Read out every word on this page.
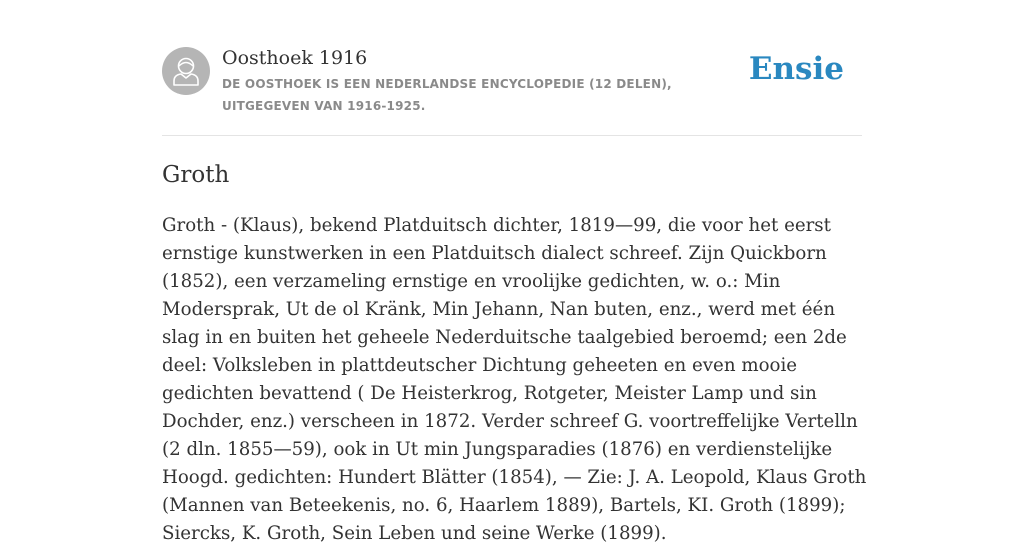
Oosthoek 1916
DE OOSTHOEK IS EEN NEDERLANDSE ENCYCLOPEDIE (12 DELEN), UITGEGEVEN VAN 1916-1925.
Ensie
Groth

Groth - (Klaus), bekend Platduitsch dichter, 1819—99, die voor het eerst ernstige kunstwerken in een Platduitsch dialect schreef. Zijn Quickborn (1852), een verzameling ernstige en vroolijke gedichten, w. o.: Min Modersprak, Ut de ol Kränk, Min Jehann, Nan buten, enz., werd met één slag in en buiten het geheele Nederduitsche taalgebied beroemd; een 2de deel: Volksleben in plattdeutscher Dichtung geheeten en even mooie gedichten bevattend ( De Heisterkrog, Rotgeter, Meister Lamp und sin Dochder, enz.) verscheen in 1872. Verder schreef G. voortreffelijke Vertelln (2 dln. 1855—59), ook in Ut min Jungsparadies (1876) en verdienstelijke Hoogd. gedichten: Hundert Blätter (1854), — Zie: J. A. Leopold, Klaus Groth (Mannen van Beteekenis, no. 6, Haarlem 1889), Bartels, KI. Groth (1899); Siercks, K. Groth, Sein Leben und seine Werke (1899).
